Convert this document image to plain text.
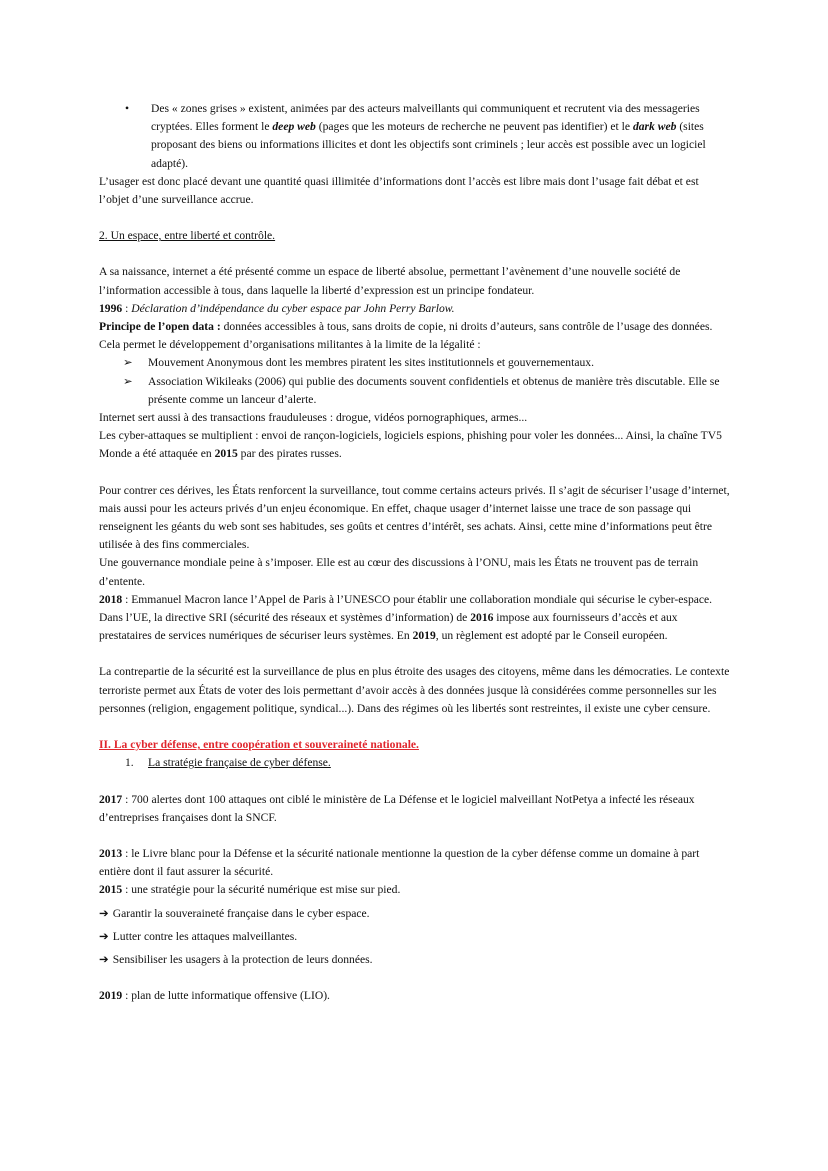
• Des « zones grises » existent, animées par des acteurs malveillants qui communiquent et recrutent via des messageries cryptées. Elles forment le deep web (pages que les moteurs de recherche ne peuvent pas identifier) et le dark web (sites proposant des biens ou informations illicites et dont les objectifs sont criminels ; leur accès est possible avec un logiciel adapté).

L’usager est donc placé devant une quantité quasi illimitée d’informations dont l’accès est libre mais dont l’usage fait débat et est l’objet d’une surveillance accrue.

2. Un espace, entre liberté et contrôle.

A sa naissance, internet a été présenté comme un espace de liberté absolue, permettant l’avènement d’une nouvelle société de l’information accessible à tous, dans laquelle la liberté d’expression est un principe fondateur.

1996 : Déclaration d’indépendance du cyber espace par John Perry Barlow.

Principe de l’open data : données accessibles à tous, sans droits de copie, ni droits d’auteurs, sans contrôle de l’usage des données.

Cela permet le développement d’organisations militantes à la limite de la légalité :

➢ Mouvement Anonymous dont les membres piratent les sites institutionnels et gouvernementaux.

➢ Association Wikileaks (2006) qui publie des documents souvent confidentiels et obtenus de manière très discutable. Elle se présente comme un lanceur d’alerte.

Internet sert aussi à des transactions frauduleuses : drogue, vidéos pornographiques, armes...

Les cyber-attaques se multiplient : envoi de rançon-logiciels, logiciels espions, phishing pour voler les données... Ainsi, la chaîne TV5 Monde a été attaquée en 2015 par des pirates russes.

Pour contrer ces dérives, les États renforcent la surveillance, tout comme certains acteurs privés. Il s’agit de sécuriser l’usage d’internet, mais aussi pour les acteurs privés d’un enjeu économique. En effet, chaque usager d’internet laisse une trace de son passage qui renseignent les géants du web sont ses habitudes, ses goûts et centres d’intérêt, ses achats. Ainsi, cette mine d’informations peut être utilisée à des fins commerciales.

Une gouvernance mondiale peine à s’imposer. Elle est au cœur des discussions à l’ONU, mais les États ne trouvent pas de terrain d’entente.

2018 : Emmanuel Macron lance l’Appel de Paris à l’UNESCO pour établir une collaboration mondiale qui sécurise le cyber-espace.

Dans l’UE, la directive SRI (sécurité des réseaux et systèmes d’information) de 2016 impose aux fournisseurs d’accès et aux prestataires de services numériques de sécuriser leurs systèmes. En 2019, un règlement est adopté par le Conseil européen.

La contrepartie de la sécurité est la surveillance de plus en plus étroite des usages des citoyens, même dans les démocraties. Le contexte terroriste permet aux États de voter des lois permettant d’avoir accès à des données jusque là considérées comme personnelles sur les personnes (religion, engagement politique, syndical...). Dans des régimes où les libertés sont restreintes, il existe une cyber censure.

II. La cyber défense, entre coopération et souveraineté nationale.

1. La stratégie française de cyber défense.

2017 : 700 alertes dont 100 attaques ont ciblé le ministère de La Défense et le logiciel malveillant NotPetya a infecté les réseaux d’entreprises françaises dont la SNCF.

2013 : le Livre blanc pour la Défense et la sécurité nationale mentionne la question de la cyber défense comme un domaine à part entière dont il faut assurer la sécurité.

2015 : une stratégie pour la sécurité numérique est mise sur pied.

➔ Garantir la souveraineté française dans le cyber espace.

➔ Lutter contre les attaques malveillantes.

➔ Sensibiliser les usagers à la protection de leurs données.

2019 : plan de lutte informatique offensive (LIO).
